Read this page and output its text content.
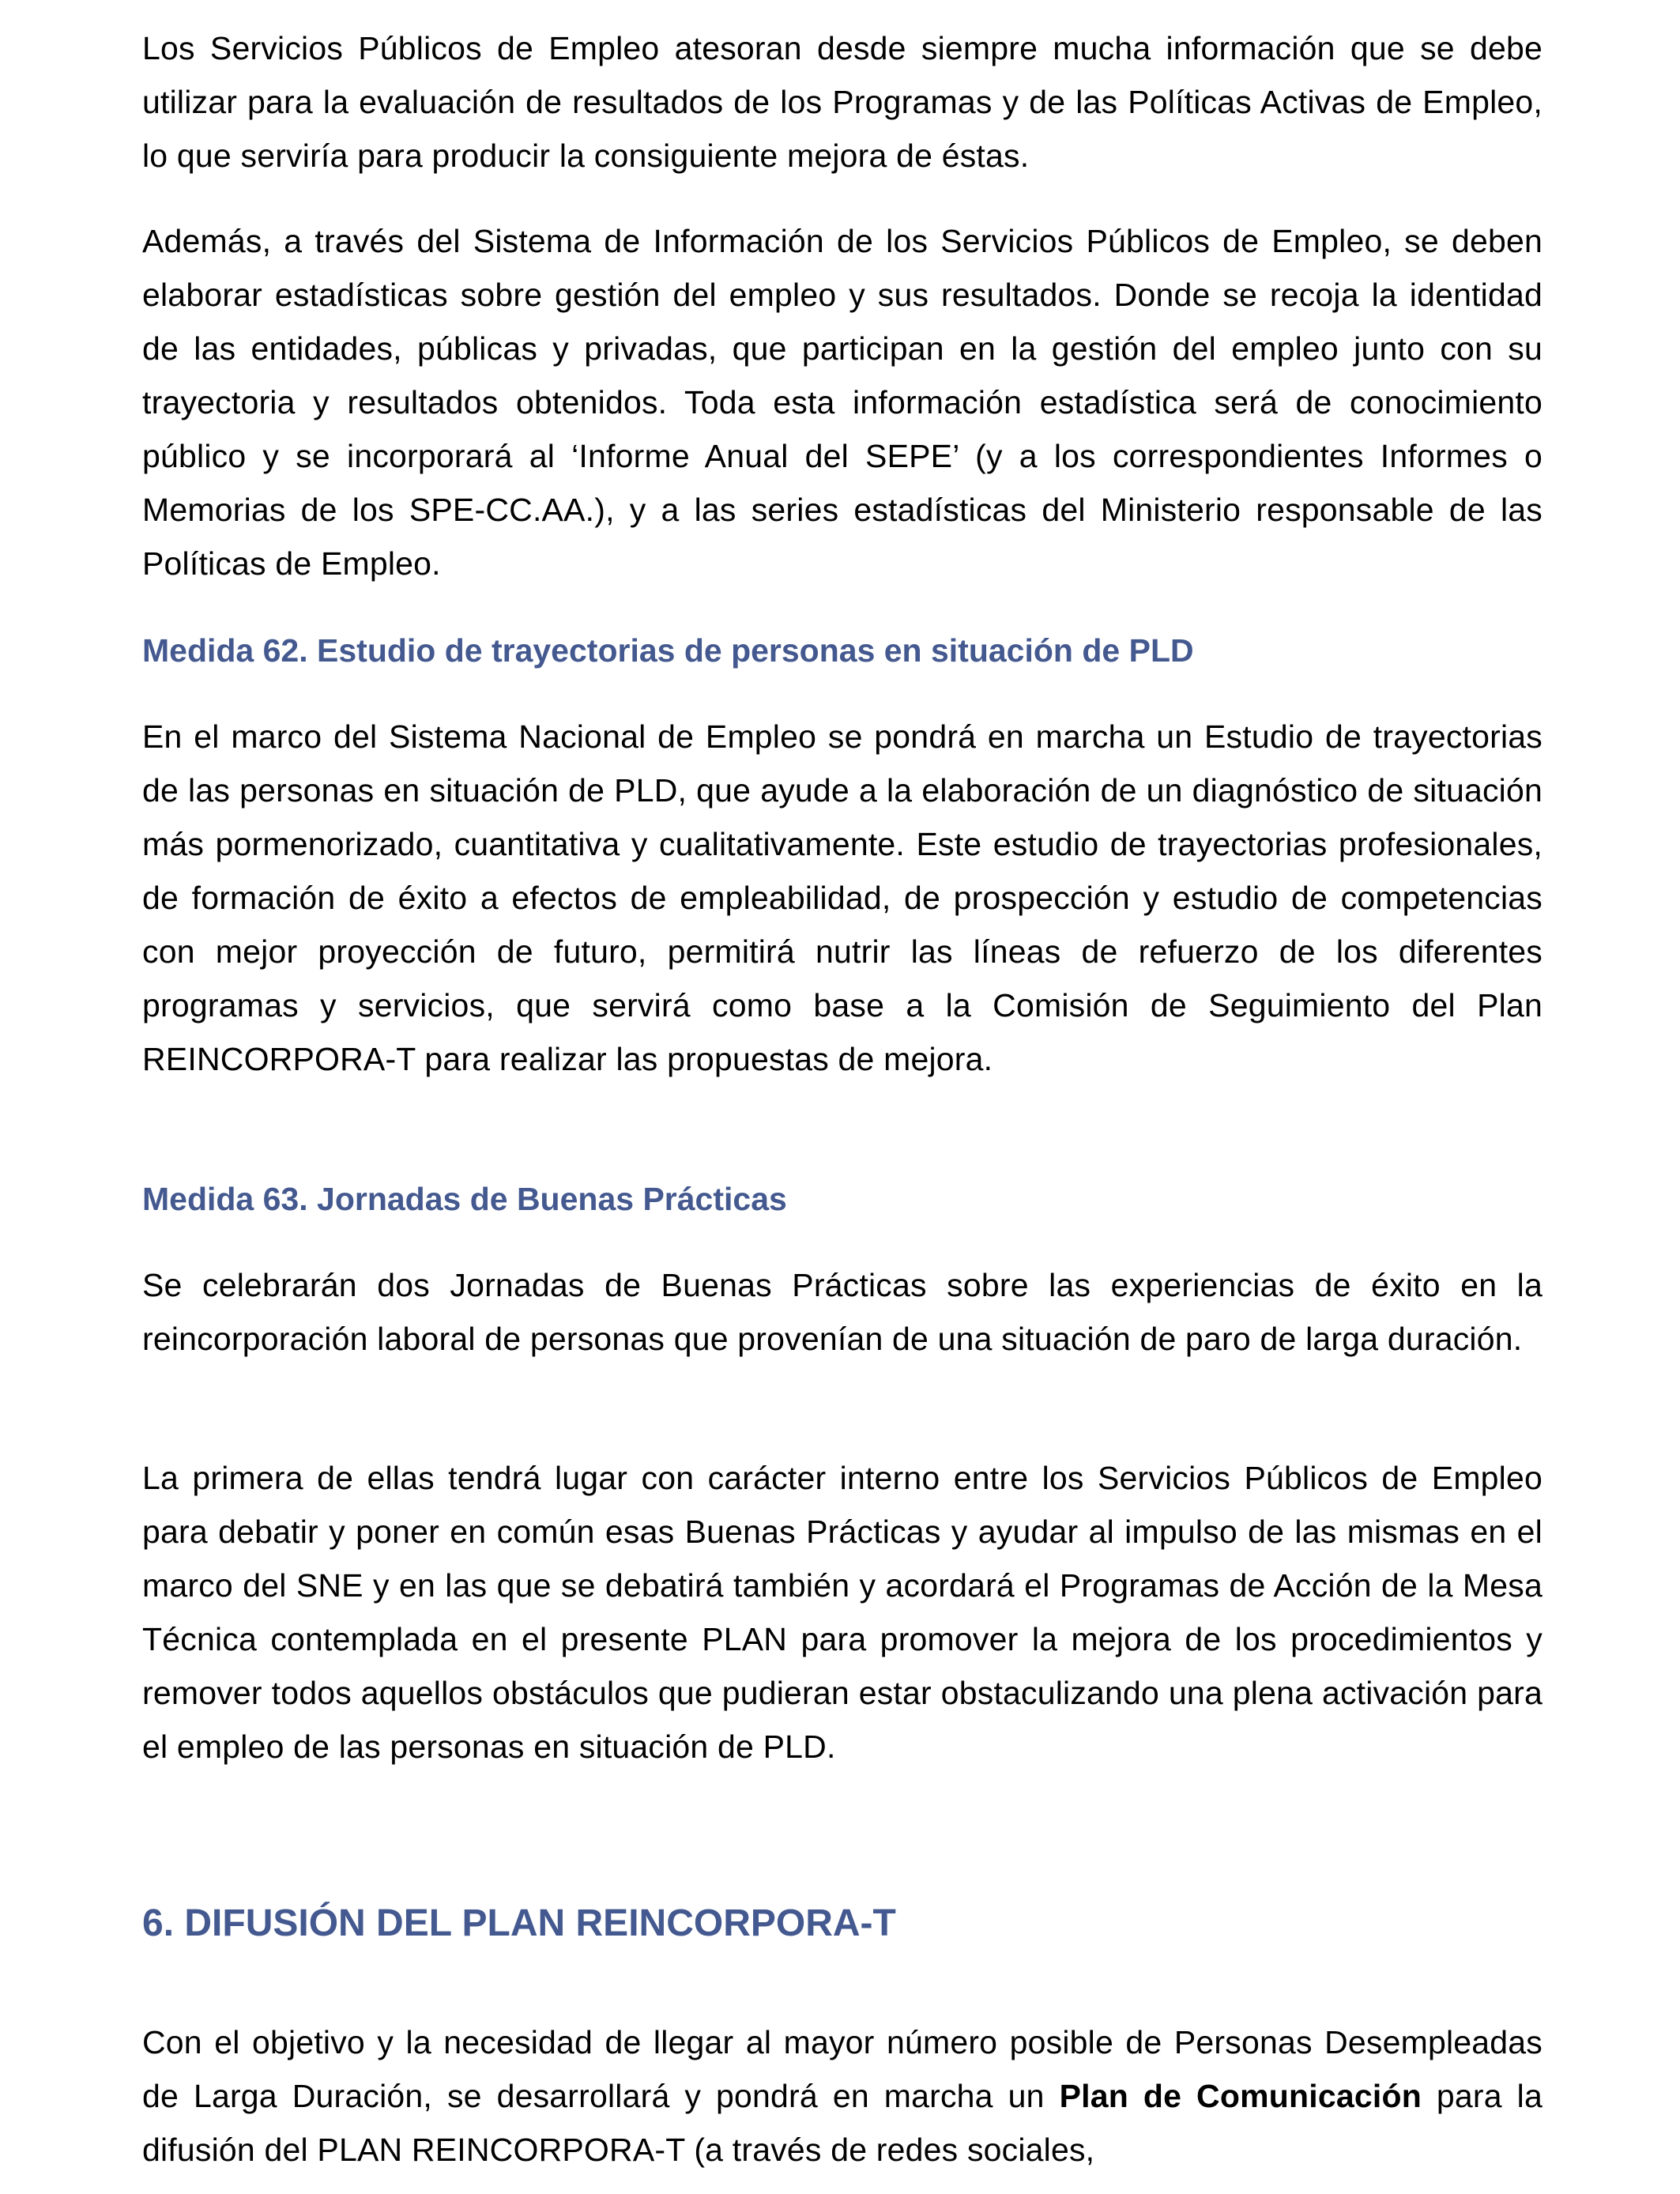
Los Servicios Públicos de Empleo atesoran desde siempre mucha información que se debe utilizar para la evaluación de resultados de los Programas y de las Políticas Activas de Empleo, lo que serviría para producir la consiguiente mejora de éstas.

Además, a través del Sistema de Información de los Servicios Públicos de Empleo, se deben elaborar estadísticas sobre gestión del empleo y sus resultados. Donde se recoja la identidad de las entidades, públicas y privadas, que participan en la gestión del empleo junto con su trayectoria y resultados obtenidos. Toda esta información estadística será de conocimiento público y se incorporará al ‘Informe Anual del SEPE’ (y a los correspondientes Informes o Memorias de los SPE-CC.AA.), y a las series estadísticas del Ministerio responsable de las Políticas de Empleo.

Medida 62. Estudio de trayectorias de personas en situación de PLD

En el marco del Sistema Nacional de Empleo se pondrá en marcha un Estudio de trayectorias de las personas en situación de PLD, que ayude a la elaboración de un diagnóstico de situación más pormenorizado, cuantitativa y cualitativamente. Este estudio de trayectorias profesionales, de formación de éxito a efectos de empleabilidad, de prospección y estudio de competencias con mejor proyección de futuro, permitirá nutrir las líneas de refuerzo de los diferentes programas y servicios, que servirá como base a la Comisión de Seguimiento del Plan REINCORPORA-T para realizar las propuestas de mejora.

Medida 63. Jornadas de Buenas Prácticas

Se celebrarán dos Jornadas de Buenas Prácticas sobre las experiencias de éxito en la reincorporación laboral de personas que provenían de una situación de paro de larga duración.

La primera de ellas tendrá lugar con carácter interno entre los Servicios Públicos de Empleo para debatir y poner en común esas Buenas Prácticas y ayudar al impulso de las mismas en el marco del SNE y en las que se debatirá también y acordará el Programas de Acción de la Mesa Técnica contemplada en el presente PLAN para promover la mejora de los procedimientos y remover todos aquellos obstáculos que pudieran estar obstaculizando una plena activación para el empleo de las personas en situación de PLD.

6. DIFUSIÓN DEL PLAN REINCORPORA-T

Con el objetivo y la necesidad de llegar al mayor número posible de Personas Desempleadas de Larga Duración, se desarrollará y pondrá en marcha un Plan de Comunicación para la difusión del PLAN REINCORPORA-T (a través de redes sociales,
